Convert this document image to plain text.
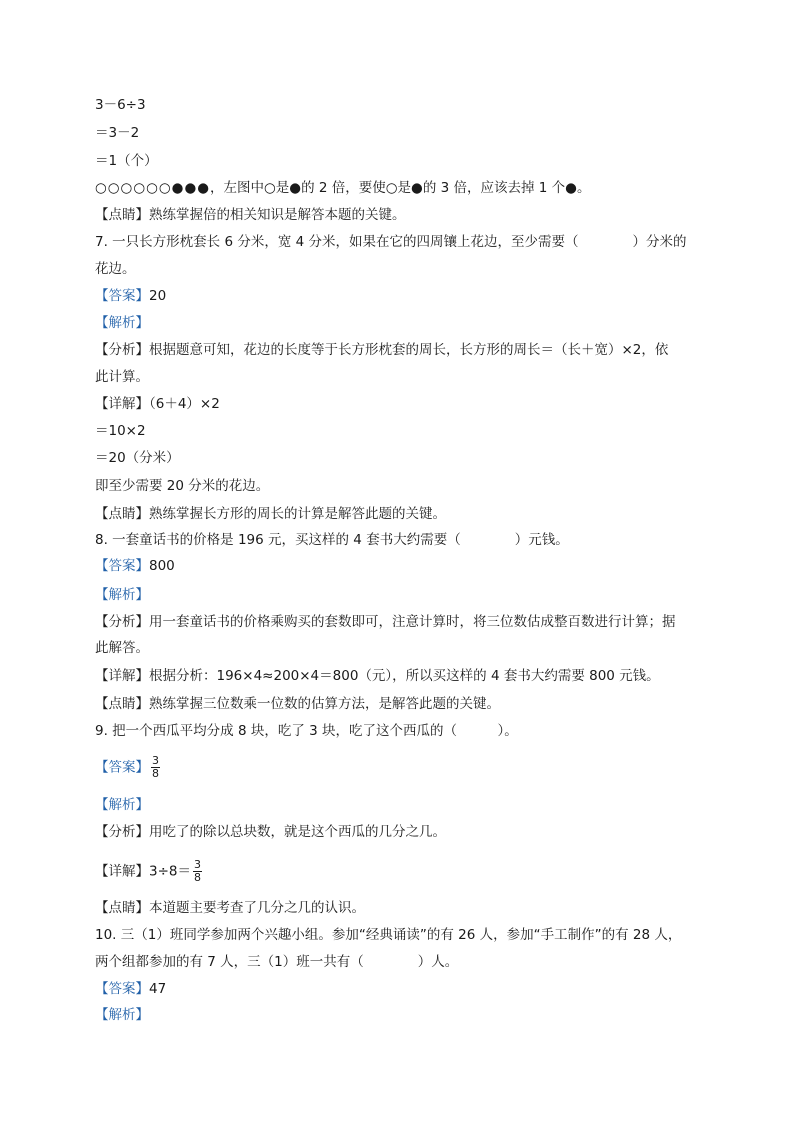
3－6÷3
＝3－2
＝1（个）
○○○○○○●●●，左图中○是●的 2 倍，要使○是●的 3 倍，应该去掉 1 个●。
【点睛】熟练掌握倍的相关知识是解答本题的关键。
7. 一只长方形枕套长 6 分米，宽 4 分米，如果在它的四周镶上花边，至少需要（　　　　）分米的
花边。
【答案】20
【解析】
【分析】根据题意可知，花边的长度等于长方形枕套的周长，长方形的周长＝（长＋宽）×2，依
此计算。
【详解】（6＋4）×2
＝10×2
＝20（分米）
即至少需要 20 分米的花边。
【点睛】熟练掌握长方形的周长的计算是解答此题的关键。
8. 一套童话书的价格是 196 元，买这样的 4 套书大约需要（　　　　）元钱。
【答案】800
【解析】
【分析】用一套童话书的价格乘购买的套数即可，注意计算时，将三位数估成整百数进行计算；据
此解答。
【详解】根据分析：196×4≈200×4＝800（元），所以买这样的 4 套书大约需要 800 元钱。
【点睛】熟练掌握三位数乘一位数的估算方法，是解答此题的关键。
9. 把一个西瓜平均分成 8 块，吃了 3 块，吃了这个西瓜的（　　　）。
【答案】 $\frac{3}{8}$
【解析】
【分析】用吃了的除以总块数，就是这个西瓜的几分之几。
【详解】$3\div 8= \frac{3}{8}$
【点睛】本道题主要考查了几分之几的认识。
10. 三（1）班同学参加两个兴趣小组。参加“经典诵读”的有 26 人，参加“手工制作”的有 28 人，
两个组都参加的有 7 人，三（1）班一共有（　　　　）人。
【答案】47
【解析】
